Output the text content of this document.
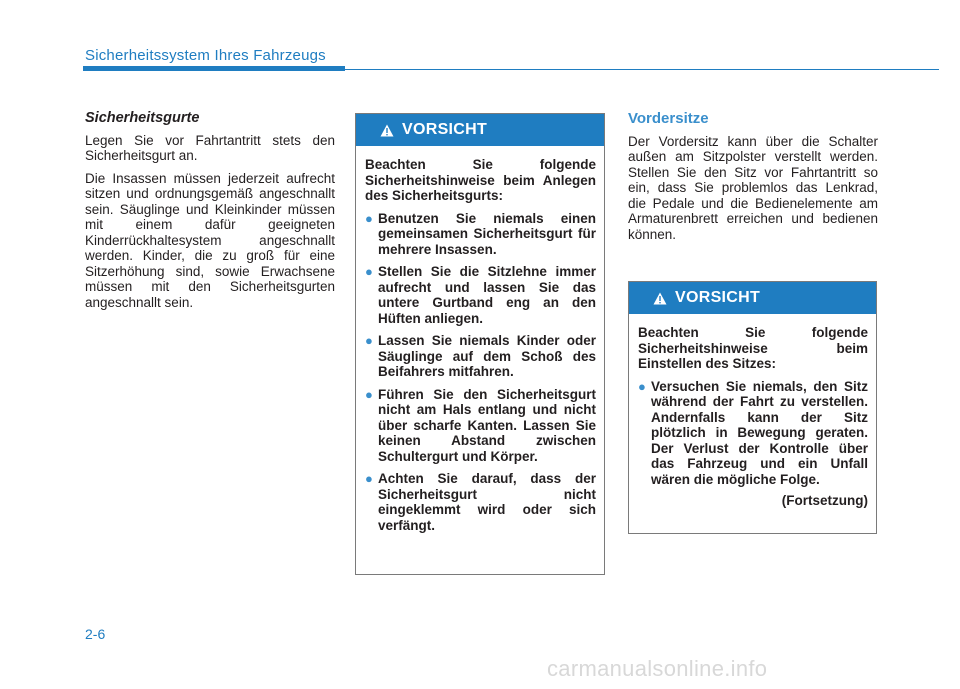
Sicherheitssystem Ihres Fahrzeugs
Sicherheitsgurte

Legen Sie vor Fahrtantritt stets den Sicherheitsgurt an.

Die Insassen müssen jederzeit aufrecht sitzen und ordnungsgemäß angeschnallt sein. Säuglinge und Kleinkinder müssen mit einem dafür geeigneten Kinderrückhaltesystem angeschnallt werden. Kinder, die zu groß für eine Sitzerhöhung sind, sowie Erwachsene müssen mit den Sicherheitsgurten angeschnallt sein.

VORSICHT

Beachten Sie folgende Sicherheitshinweise beim Anlegen des Sicherheitsgurts:

● Benutzen Sie niemals einen gemeinsamen Sicherheitsgurt für mehrere Insassen.
● Stellen Sie die Sitzlehne immer aufrecht und lassen Sie das untere Gurtband eng an den Hüften anliegen.
● Lassen Sie niemals Kinder oder Säuglinge auf dem Schoß des Beifahrers mitfahren.
● Führen Sie den Sicherheitsgurt nicht am Hals entlang und nicht über scharfe Kanten. Lassen Sie keinen Abstand zwischen Schultergurt und Körper.
● Achten Sie darauf, dass der Sicherheitsgurt nicht eingeklemmt wird oder sich verfängt.
Vordersitze

Der Vordersitz kann über die Schalter außen am Sitzpolster verstellt werden. Stellen Sie den Sitz vor Fahrtantritt so ein, dass Sie problemlos das Lenkrad, die Pedale und die Bedienelemente am Armaturenbrett erreichen und bedienen können.

VORSICHT

Beachten Sie folgende Sicherheitshinweise beim Einstellen des Sitzes:

● Versuchen Sie niemals, den Sitz während der Fahrt zu verstellen. Andernfalls kann der Sitz plötzlich in Bewegung geraten. Der Verlust der Kontrolle über das Fahrzeug und ein Unfall wären die mögliche Folge.

(Fortsetzung)

2-6
carmanualsonline.info
